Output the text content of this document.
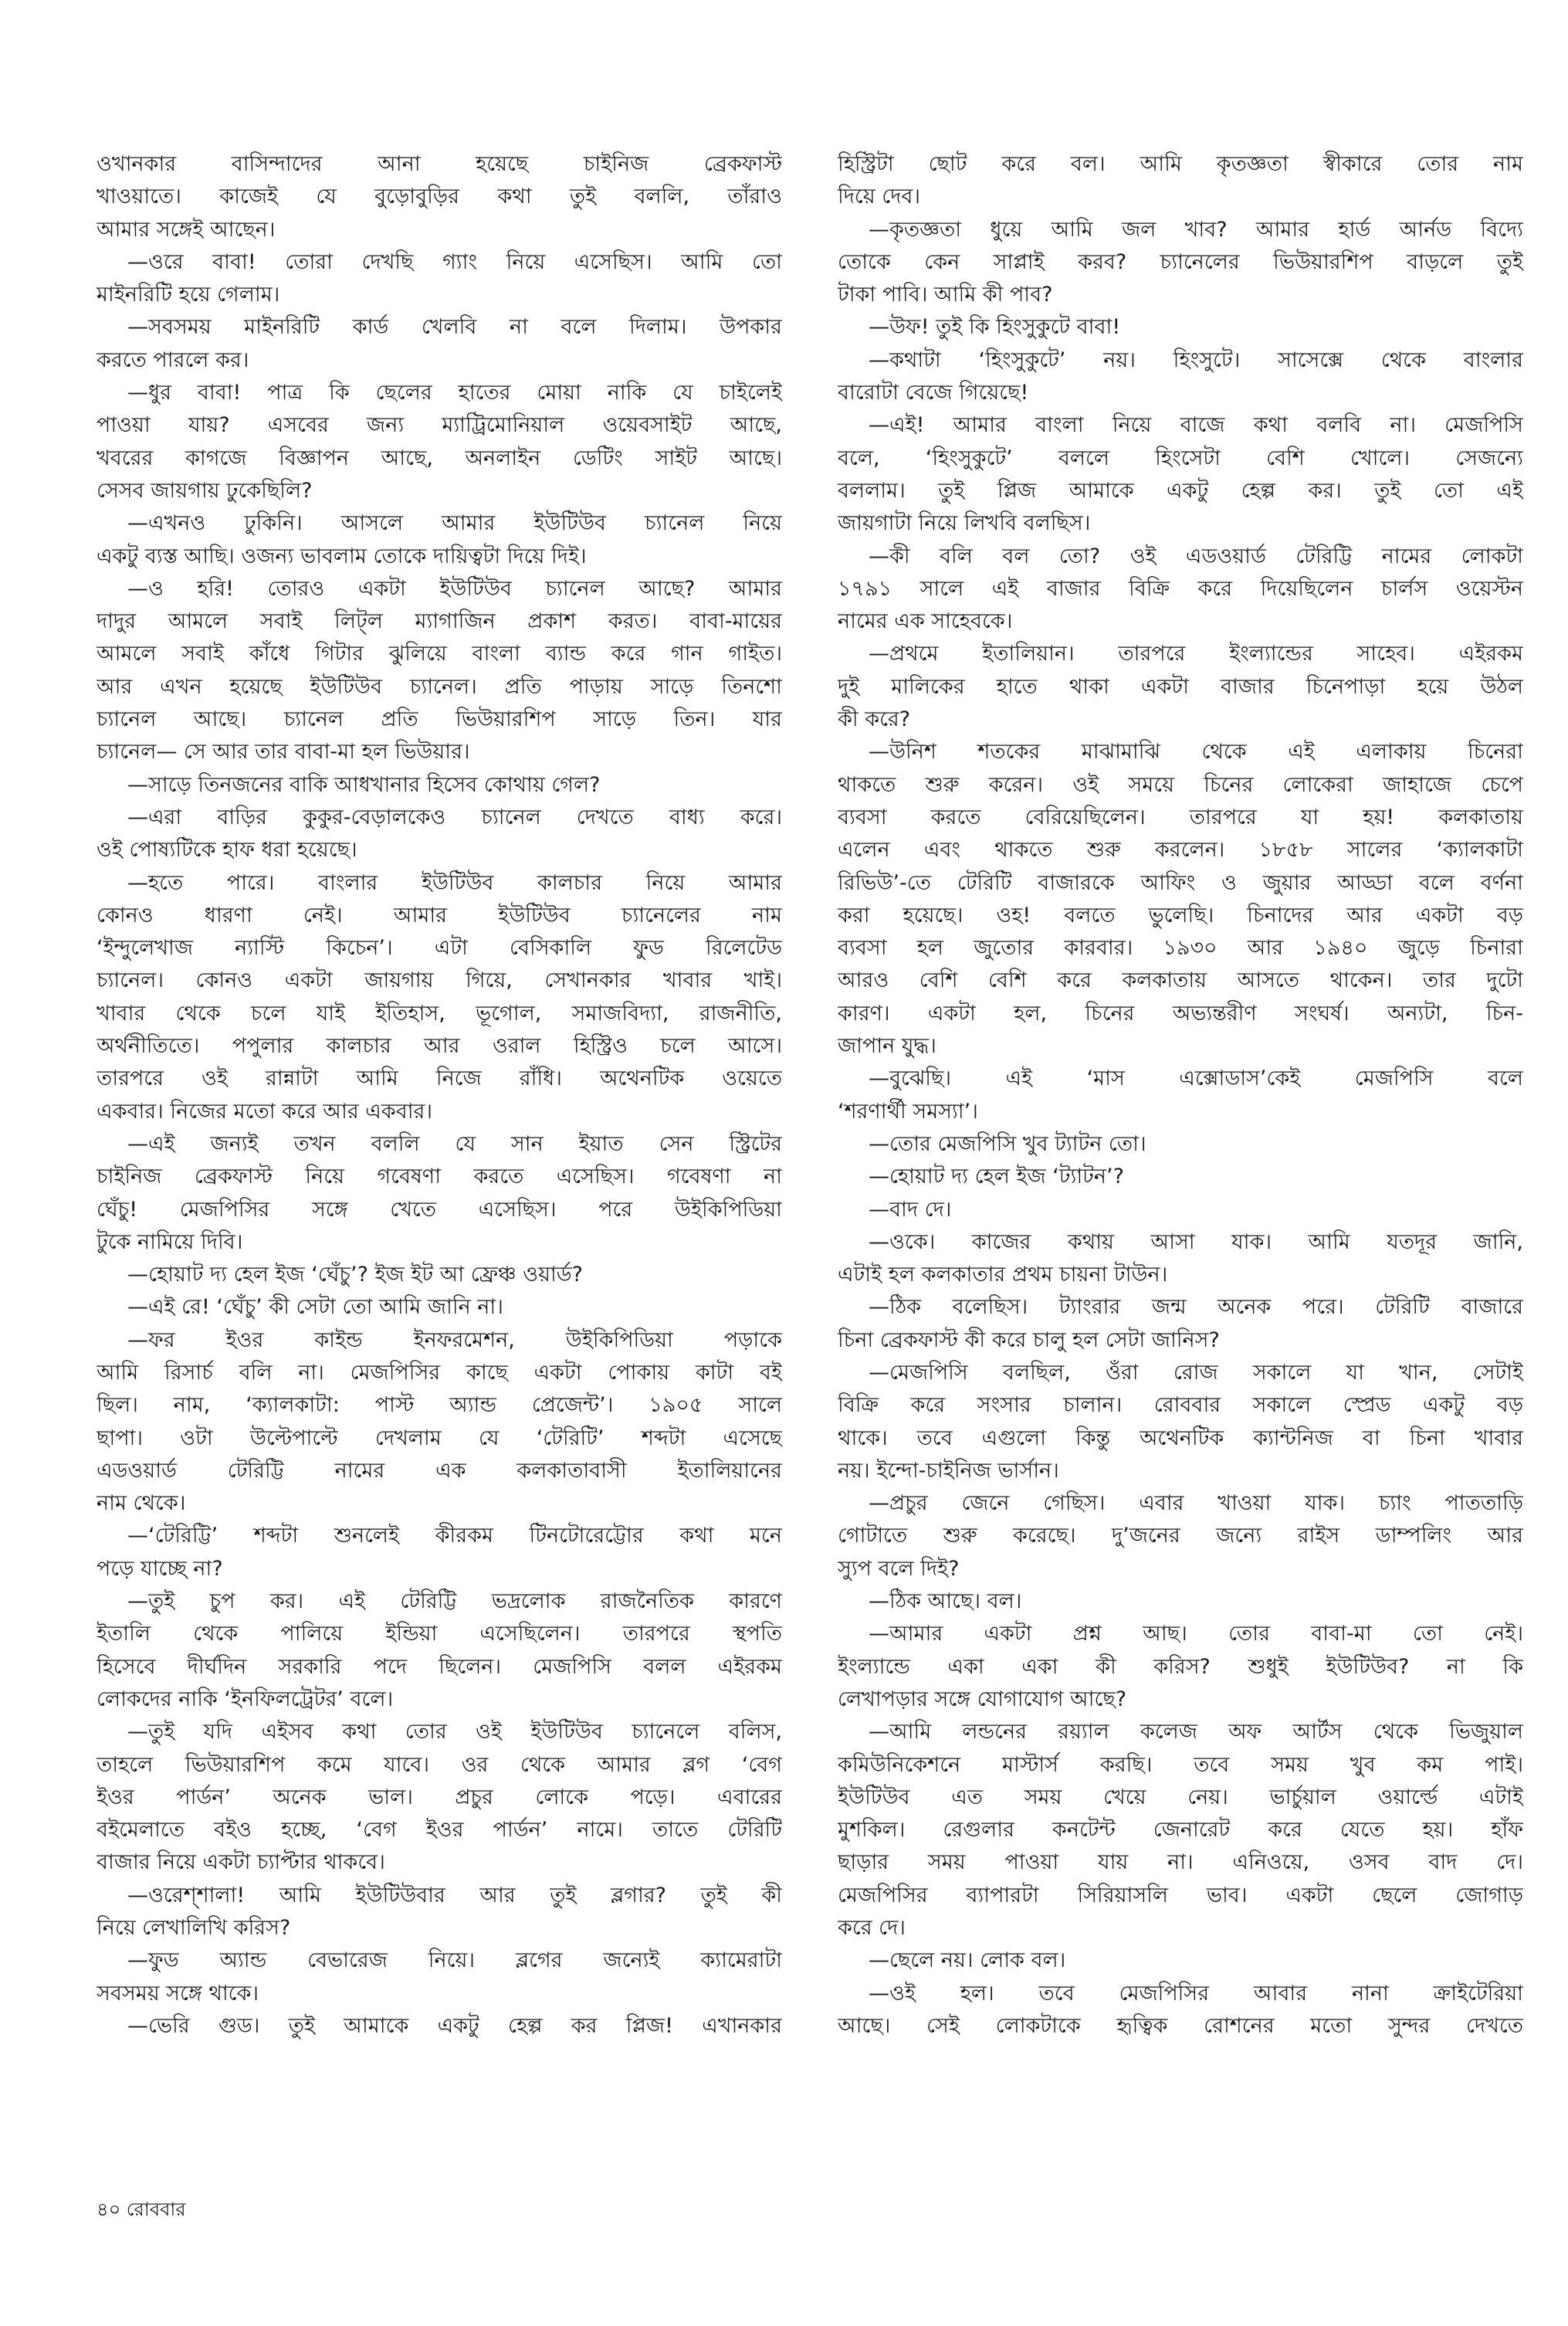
ওখানকার বাসিন্দাদের আনা হয়েছে চাইনিজ ব্রেকফাস্ট
খাওয়াতে। কাজেই যে বুড়োবুড়ির কথা তুই বললি, তাঁরাও
আমার সঙ্গেই আছেন।
—ওরে বাবা! তোরা দেখছি গ্যাং নিয়ে এসেছিস। আমি তো
মাইনরিটি হয়ে গেলাম।
—সবসময় মাইনরিটি কার্ড খেলবি না বলে দিলাম। উপকার
করতে পারলে কর।
—ধুর বাবা! পাত্র কি ছেলের হাতের মোয়া নাকি যে চাইলেই
পাওয়া যায়? এসবের জন্য ম্যাট্রিমোনিয়াল ওয়েবসাইট আছে,
খবরের কাগজে বিজ্ঞাপন আছে, অনলাইন ডেটিং সাইট আছে।
সেসব জায়গায় ঢুকেছিলি?
—এখনও ঢুকিনি। আসলে আমার ইউটিউব চ্যানেল নিয়ে
একটু ব্যস্ত আছি। ওজন্য ভাবলাম তোকে দায়িত্বটা দিয়ে দিই।
—ও হরি! তোরও একটা ইউটিউব চ্যানেল আছে? আমার
দাদুর আমলে সবাই লিট্‌ল ম্যাগাজিন প্রকাশ করত। বাবা-মায়ের
আমলে সবাই কাঁধে গিটার ঝুলিয়ে বাংলা ব্যান্ড করে গান গাইত।
আর এখন হয়েছে ইউটিউব চ্যানেল। প্রতি পাড়ায় সাড়ে তিনশো
চ্যানেল আছে। চ্যানেল প্রতি ভিউয়ারশিপ সাড়ে তিন। যার
চ্যানেল— সে আর তার বাবা-মা হল ভিউয়ার।
—সাড়ে তিনজনের বাকি আধখানার হিসেব কোথায় গেল?
—এরা বাড়ির কুকুর-বেড়ালকেও চ্যানেল দেখতে বাধ্য করে।
ওই পোষ্যটিকে হাফ ধরা হয়েছে।
—হতে পারে। বাংলার ইউটিউব কালচার নিয়ে আমার
কোনও ধারণা নেই। আমার ইউটিউব চ্যানেলের নাম
‘ইন্দুলেখাজ ন্যাস্টি কিচেন’। এটা বেসিকালি ফুড রিলেটেড
চ্যানেল। কোনও একটা জায়গায় গিয়ে, সেখানকার খাবার খাই।
খাবার থেকে চলে যাই ইতিহাস, ভূগোল, সমাজবিদ্যা, রাজনীতি,
অর্থনীতিতে। পপুলার কালচার আর ওরাল হিস্ট্রিও চলে আসে।
তারপরে ওই রান্নাটা আমি নিজে রাঁধি। অথেনটিক ওয়েতে
একবার। নিজের মতো করে আর একবার।
—এই জন্যই তখন বললি যে সান ইয়াত সেন স্ট্রিটের
চাইনিজ ব্রেকফাস্ট নিয়ে গবেষণা করতে এসেছিস। গবেষণা না
ঘেঁচু! মেজপিসির সঙ্গে খেতে এসেছিস। পরে উইকিপিডিয়া
টুকে নামিয়ে দিবি।
—হোয়াট দ্য হেল ইজ ‘ঘেঁচু’? ইজ ইট আ ফ্রেঞ্চ ওয়ার্ড?
—এই রে! ‘ঘেঁচু’ কী সেটা তো আমি জানি না।
—ফর ইওর কাইন্ড ইনফরমেশন, উইকিপিডিয়া পড়াকে
আমি রিসার্চ বলি না। মেজপিসির কাছে একটা পোকায় কাটা বই
ছিল। নাম, ‘ক্যালকাটা: পাস্ট অ্যান্ড প্রেজেন্ট’। ১৯০৫ সালে
ছাপা। ওটা উল্টেপাল্টে দেখলাম যে ‘টেরিটি’ শব্দটা এসেছে
এডওয়ার্ড টেরিট্টি নামের এক কলকাতাবাসী ইতালিয়ানের
নাম থেকে।
—‘টেরিট্টি’ শব্দটা শুনলেই কীরকম টিনটোরেট্টোর কথা মনে
পড়ে যাচ্ছে না?
—তুই চুপ কর। এই টেরিট্টি ভদ্রলোক রাজনৈতিক কারণে
ইতালি থেকে পালিয়ে ইন্ডিয়া এসেছিলেন। তারপরে স্থপতি
হিসেবে দীর্ঘদিন সরকারি পদে ছিলেন। মেজপিসি বলল এইরকম
লোকদের নাকি ‘ইনফিলট্রেটর’ বলে।
—তুই যদি এইসব কথা তোর ওই ইউটিউব চ্যানেলে বলিস,
তাহলে ভিউয়ারশিপ কমে যাবে। ওর থেকে আমার ব্লগ ‘বেগ
ইওর পার্ডন’ অনেক ভাল। প্রচুর লোকে পড়ে। এবারের
বইমেলাতে বইও হচ্ছে, ‘বেগ ইওর পার্ডন’ নামে। তাতে টেরিটি
বাজার নিয়ে একটা চ্যাপ্টার থাকবে।
—ওরেশ্শালা! আমি ইউটিউবার আর তুই ব্লগার? তুই কী
নিয়ে লেখালিখি করিস?
—ফুড অ্যান্ড বেভারেজ নিয়ে। ব্লগের জন্যেই ক্যামেরাটা
সবসময় সঙ্গে থাকে।
—ভেরি গুড। তুই আমাকে একটু হেল্প কর প্লিজ! এখানকার
হিস্ট্রিটা ছোট করে বল। আমি কৃতজ্ঞতা স্বীকারে তোর নাম
দিয়ে দেব।
—কৃতজ্ঞতা ধুয়ে আমি জল খাব? আমার হার্ড আর্নড বিদ্যে
তোকে কেন সাপ্লাই করব? চ্যানেলের ভিউয়ারশিপ বাড়লে তুই
টাকা পাবি। আমি কী পাব?
—উফ! তুই কি হিংসুকুটে বাবা!
—কথাটা ‘হিংসুকুটে’ নয়। হিংসুটে। সাসেক্সে থেকে বাংলার
বারোটা বেজে গিয়েছে!
—এই! আমার বাংলা নিয়ে বাজে কথা বলবি না। মেজপিসি
বলে, ‘হিংসুকুটে’ বললে হিংসেটা বেশি খোলে। সেজন্যে
বললাম। তুই প্লিজ আমাকে একটু হেল্প কর। তুই তো এই
জায়গাটা নিয়ে লিখবি বলছিস।
—কী বলি বল তো? ওই এডওয়ার্ড টেরিট্টি নামের লোকটা
১৭৯১ সালে এই বাজার বিক্রি করে দিয়েছিলেন চার্লস ওয়েস্টন
নামের এক সাহেবকে।
—প্রথমে ইতালিয়ান। তারপরে ইংল্যান্ডের সাহেব। এইরকম
দুই মালিকের হাতে থাকা একটা বাজার চিনেপাড়া হয়ে উঠল
কী করে?
—উনিশ শতকের মাঝামাঝি থেকে এই এলাকায় চিনেরা
থাকতে শুরু করেন। ওই সময়ে চিনের লোকেরা জাহাজে চেপে
ব্যবসা করতে বেরিয়েছিলেন। তারপরে যা হয়! কলকাতায়
এলেন এবং থাকতে শুরু করলেন। ১৮৫৮ সালের ‘ক্যালকাটা
রিভিউ’-তে টেরিটি বাজারকে আফিং ও জুয়ার আড্ডা বলে বর্ণনা
করা হয়েছে। ওহ! বলতে ভুলেছি। চিনাদের আর একটা বড়
ব্যবসা হল জুতোর কারবার। ১৯৩০ আর ১৯৪০ জুড়ে চিনারা
আরও বেশি বেশি করে কলকাতায় আসতে থাকেন। তার দুটো
কারণ। একটা হল, চিনের অভ্যন্তরীণ সংঘর্ষ। অন্যটা, চিন-
জাপান যুদ্ধ।
—বুঝেছি। এই ‘মাস এক্সোডাস’কেই মেজপিসি বলে
‘শরণার্থী সমস্যা’।
—তোর মেজপিসি খুব ট্যাটন তো।
—হোয়াট দ্য হেল ইজ ‘ট্যাটন’?
—বাদ দে।
—ওকে। কাজের কথায় আসা যাক। আমি যতদূর জানি,
এটাই হল কলকাতার প্রথম চায়না টাউন।
—ঠিক বলেছিস। ট্যাংরার জন্ম অনেক পরে। টেরিটি বাজারে
চিনা ব্রেকফাস্ট কী করে চালু হল সেটা জানিস?
—মেজপিসি বলছিল, ওঁরা রোজ সকালে যা খান, সেটাই
বিক্রি করে সংসার চালান। রোববার সকালে স্প্রেড একটু বড়
থাকে। তবে এগুলো কিন্তু অথেনটিক ক্যান্টনিজ বা চিনা খাবার
নয়। ইন্দো-চাইনিজ ভার্সান।
—প্রচুর জেনে গেছিস। এবার খাওয়া যাক। চ্যাং পাততাড়ি
গোটাতে শুরু করেছে। দু’জনের জন্যে রাইস ডাম্পলিং আর
স্যুপ বলে দিই?
—ঠিক আছে। বল।
—আমার একটা প্রশ্ন আছ। তোর বাবা-মা তো নেই।
ইংল্যান্ডে একা একা কী করিস? শুধুই ইউটিউব? না কি
লেখাপড়ার সঙ্গে যোগাযোগ আছে?
—আমি লন্ডনের রয়্যাল কলেজ অফ আর্টস থেকে ভিজুয়াল
কমিউনিকেশনে মাস্টার্স করছি। তবে সময় খুব কম পাই।
ইউটিউব এত সময় খেয়ে নেয়। ভার্চুয়াল ওয়ার্ল্ডে এটাই
মুশকিল। রেগুলার কনটেন্ট জেনারেট করে যেতে হয়। হাঁফ
ছাড়ার সময় পাওয়া যায় না। এনিওয়ে, ওসব বাদ দে।
মেজপিসির ব্যাপারটা সিরিয়াসলি ভাব। একটা ছেলে জোগাড়
করে দে।
—ছেলে নয়। লোক বল।
—ওই হল। তবে মেজপিসির আবার নানা ক্রাইটেরিয়া
আছে। সেই লোকটাকে হৃত্বিক রোশনের মতো সুন্দর দেখতে
৪০ রোববার
